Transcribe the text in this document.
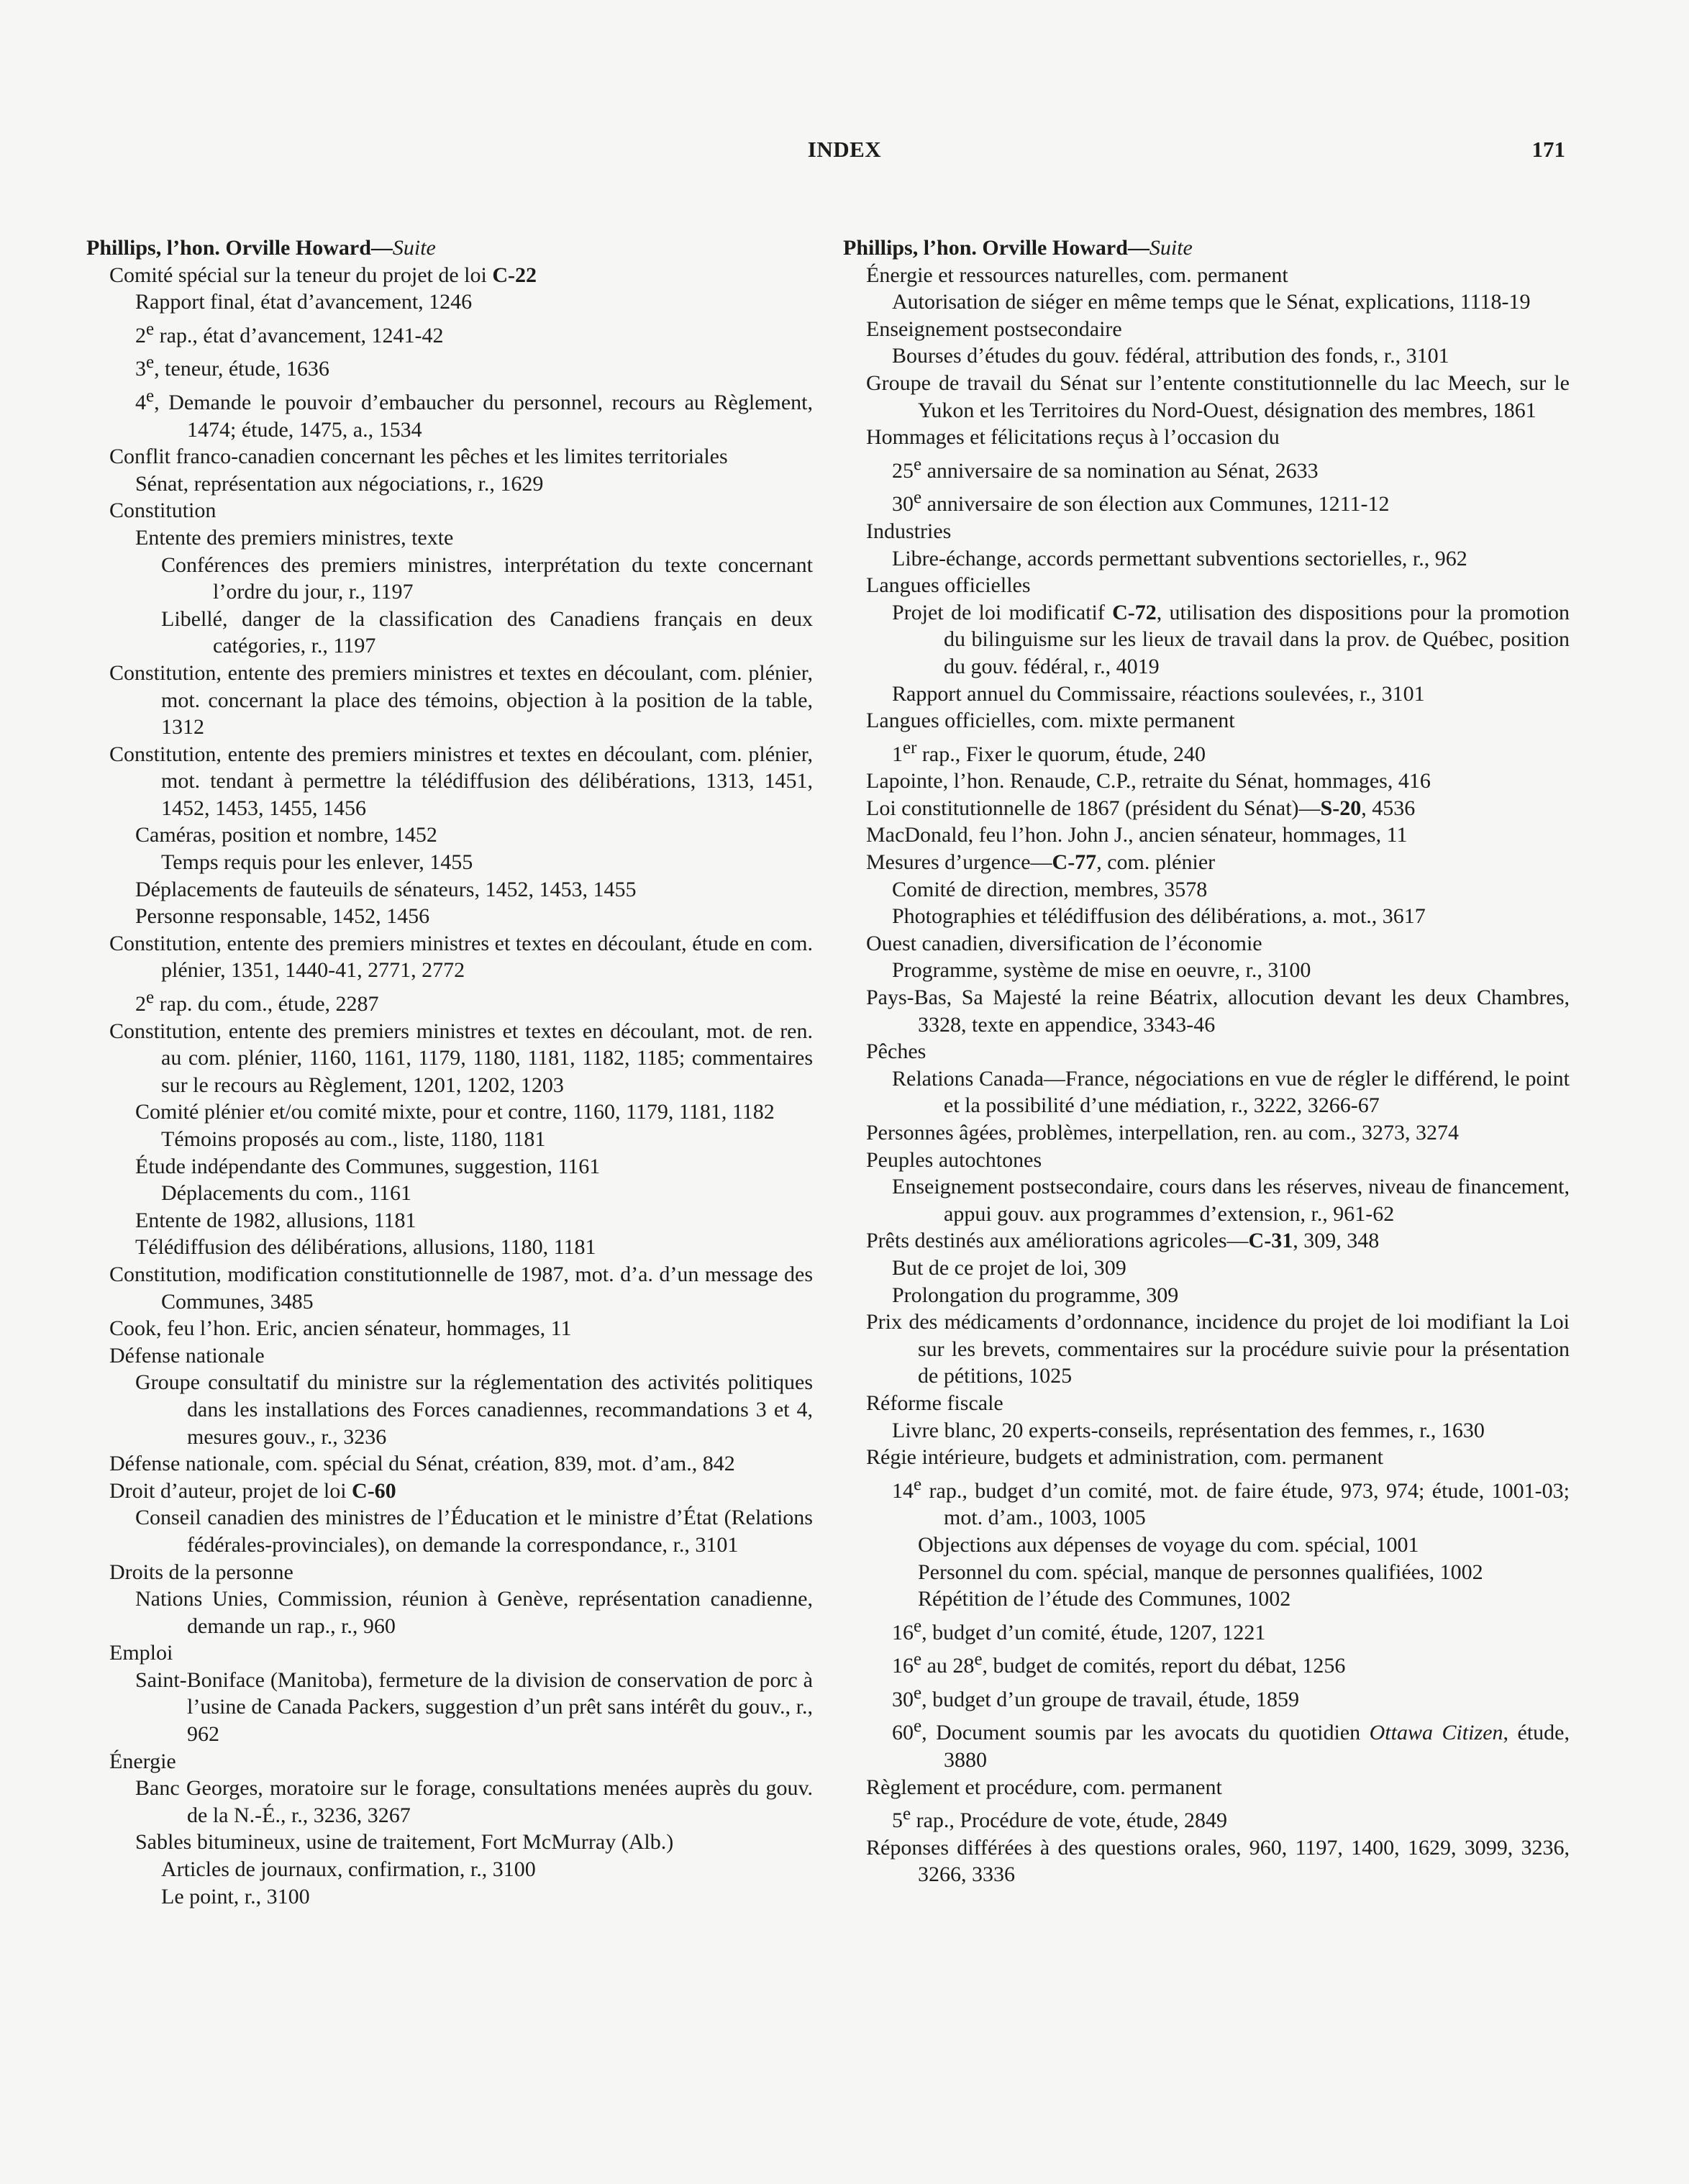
INDEX	171

Phillips, l’hon. Orville Howard—Suite

Comité spécial sur la teneur du projet de loi C-22

Rapport final, état d’avancement, 1246

2e rap., état d’avancement, 1241-42

3e, teneur, étude, 1636

4e, Demande le pouvoir d’embaucher du personnel, recours au Règlement, 1474; étude, 1475, a., 1534

Conflit franco-canadien concernant les pêches et les limites territoriales

Sénat, représentation aux négociations, r., 1629

Constitution

Entente des premiers ministres, texte

Conférences des premiers ministres, interprétation du texte concernant l’ordre du jour, r., 1197

Libellé, danger de la classification des Canadiens français en deux catégories, r., 1197

Constitution, entente des premiers ministres et textes en découlant, com. plénier, mot. concernant la place des témoins, objection à la position de la table, 1312

Constitution, entente des premiers ministres et textes en découlant, com. plénier, mot. tendant à permettre la télédiffusion des délibérations, 1313, 1451, 1452, 1453, 1455, 1456

Caméras, position et nombre, 1452

Temps requis pour les enlever, 1455

Déplacements de fauteuils de sénateurs, 1452, 1453, 1455

Personne responsable, 1452, 1456

Constitution, entente des premiers ministres et textes en découlant, étude en com. plénier, 1351, 1440-41, 2771, 2772

2e rap. du com., étude, 2287

Constitution, entente des premiers ministres et textes en découlant, mot. de ren. au com. plénier, 1160, 1161, 1179, 1180, 1181, 1182, 1185; commentaires sur le recours au Règlement, 1201, 1202, 1203

Comité plénier et/ou comité mixte, pour et contre, 1160, 1179, 1181, 1182

Témoins proposés au com., liste, 1180, 1181

Étude indépendante des Communes, suggestion, 1161

Déplacements du com., 1161

Entente de 1982, allusions, 1181

Télédiffusion des délibérations, allusions, 1180, 1181

Constitution, modification constitutionnelle de 1987, mot. d’a. d’un message des Communes, 3485

Cook, feu l’hon. Eric, ancien sénateur, hommages, 11

Défense nationale

Groupe consultatif du ministre sur la réglementation des activités politiques dans les installations des Forces canadiennes, recommandations 3 et 4, mesures gouv., r., 3236

Défense nationale, com. spécial du Sénat, création, 839, mot. d’am., 842

Droit d’auteur, projet de loi C-60

Conseil canadien des ministres de l’Éducation et le ministre d’État (Relations fédérales-provinciales), on demande la correspondance, r., 3101

Droits de la personne

Nations Unies, Commission, réunion à Genève, représentation canadienne, demande un rap., r., 960

Emploi

Saint-Boniface (Manitoba), fermeture de la division de conservation de porc à l’usine de Canada Packers, suggestion d’un prêt sans intérêt du gouv., r., 962

Énergie

Banc Georges, moratoire sur le forage, consultations menées auprès du gouv. de la N.-É., r., 3236, 3267

Sables bitumineux, usine de traitement, Fort McMurray (Alb.)

Articles de journaux, confirmation, r., 3100

Le point, r., 3100

Phillips, l’hon. Orville Howard—Suite

Énergie et ressources naturelles, com. permanent

Autorisation de siéger en même temps que le Sénat, explications, 1118-19

Enseignement postsecondaire

Bourses d’études du gouv. fédéral, attribution des fonds, r., 3101

Groupe de travail du Sénat sur l’entente constitutionnelle du lac Meech, sur le Yukon et les Territoires du Nord-Ouest, désignation des membres, 1861

Hommages et félicitations reçus à l’occasion du

25e anniversaire de sa nomination au Sénat, 2633

30e anniversaire de son élection aux Communes, 1211-12

Industries

Libre-échange, accords permettant subventions sectorielles, r., 962

Langues officielles

Projet de loi modificatif C-72, utilisation des dispositions pour la promotion du bilinguisme sur les lieux de travail dans la prov. de Québec, position du gouv. fédéral, r., 4019

Rapport annuel du Commissaire, réactions soulevées, r., 3101

Langues officielles, com. mixte permanent

1er rap., Fixer le quorum, étude, 240

Lapointe, l’hon. Renaude, C.P., retraite du Sénat, hommages, 416

Loi constitutionnelle de 1867 (président du Sénat)—S-20, 4536

MacDonald, feu l’hon. John J., ancien sénateur, hommages, 11

Mesures d’urgence—C-77, com. plénier

Comité de direction, membres, 3578

Photographies et télédiffusion des délibérations, a. mot., 3617

Ouest canadien, diversification de l’économie

Programme, système de mise en oeuvre, r., 3100

Pays-Bas, Sa Majesté la reine Béatrix, allocution devant les deux Chambres, 3328, texte en appendice, 3343-46

Pêches

Relations Canada—France, négociations en vue de régler le différend, le point et la possibilité d’une médiation, r., 3222, 3266-67

Personnes âgées, problèmes, interpellation, ren. au com., 3273, 3274

Peuples autochtones

Enseignement postsecondaire, cours dans les réserves, niveau de financement, appui gouv. aux programmes d’extension, r., 961-62

Prêts destinés aux améliorations agricoles—C-31, 309, 348

But de ce projet de loi, 309

Prolongation du programme, 309

Prix des médicaments d’ordonnance, incidence du projet de loi modifiant la Loi sur les brevets, commentaires sur la procédure suivie pour la présentation de pétitions, 1025

Réforme fiscale

Livre blanc, 20 experts-conseils, représentation des femmes, r., 1630

Régie intérieure, budgets et administration, com. permanent

14e rap., budget d’un comité, mot. de faire étude, 973, 974; étude, 1001-03; mot. d’am., 1003, 1005

Objections aux dépenses de voyage du com. spécial, 1001

Personnel du com. spécial, manque de personnes qualifiées, 1002

Répétition de l’étude des Communes, 1002

16e, budget d’un comité, étude, 1207, 1221

16e au 28e, budget de comités, report du débat, 1256

30e, budget d’un groupe de travail, étude, 1859

60e, Document soumis par les avocats du quotidien Ottawa Citizen, étude, 3880

Règlement et procédure, com. permanent

5e rap., Procédure de vote, étude, 2849

Réponses différées à des questions orales, 960, 1197, 1400, 1629, 3099, 3236, 3266, 3336
